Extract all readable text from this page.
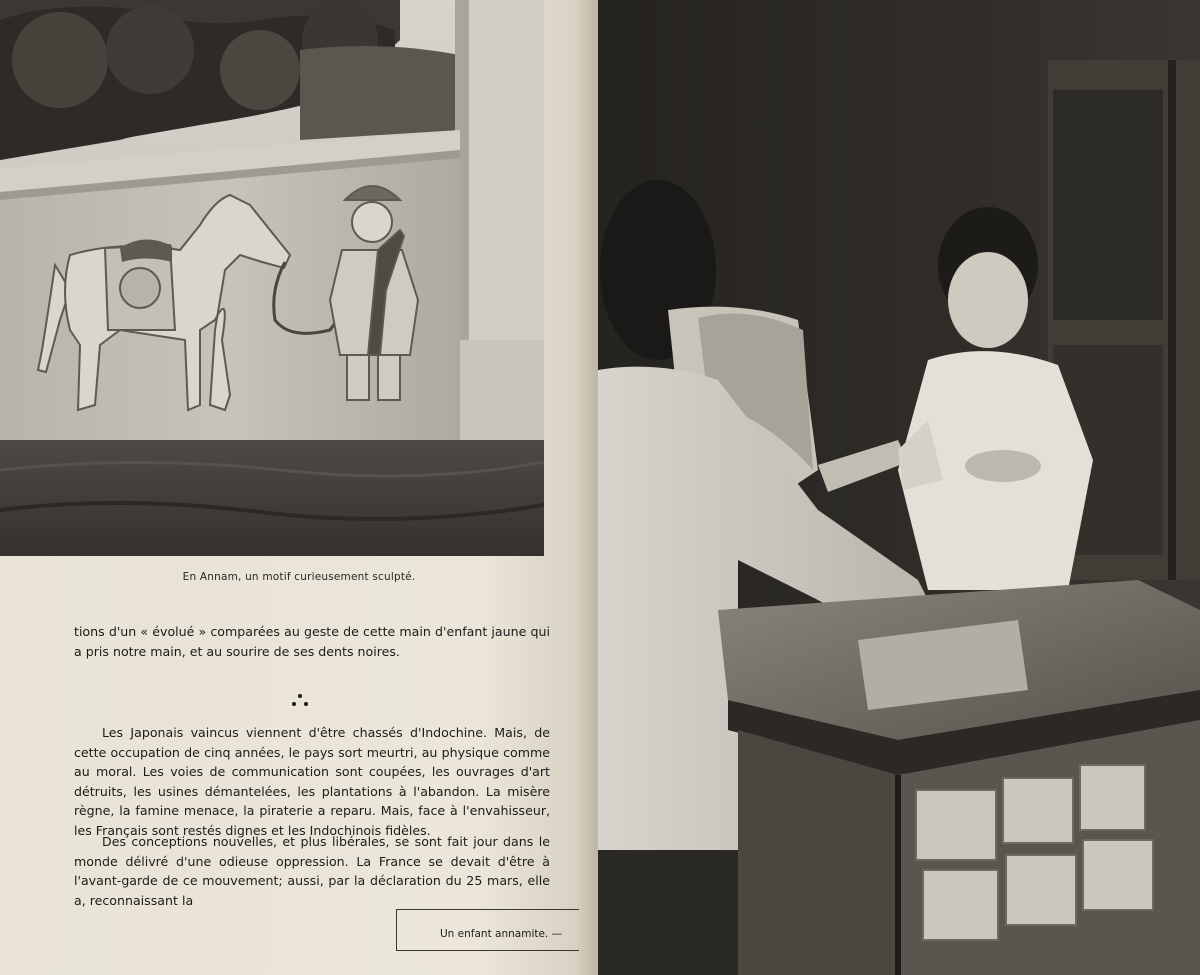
En Annam, un motif curieusement sculpté.

tions d'un « évolué » comparées au geste de cette main d'enfant jaune qui a pris notre main, et au sourire de ses dents noires.

Les Japonais vaincus viennent d'être chassés d'Indochine. Mais, de cette occupation de cinq années, le pays sort meurtri, au physique comme au moral. Les voies de communication sont coupées, les ouvrages d'art détruits, les usines démantelées, les plantations à l'abandon. La misère règne, la famine menace, la piraterie a reparu. Mais, face à l'envahisseur, les Français sont restés dignes et les Indochinois fidèles.

Des conceptions nouvelles, et plus libérales, se sont fait jour dans le monde délivré d'une odieuse oppression. La France se devait d'être à l'avant-garde de ce mouvement; aussi, par la déclaration du 25 mars, elle a, reconnaissant la

Un enfant annamite. —
